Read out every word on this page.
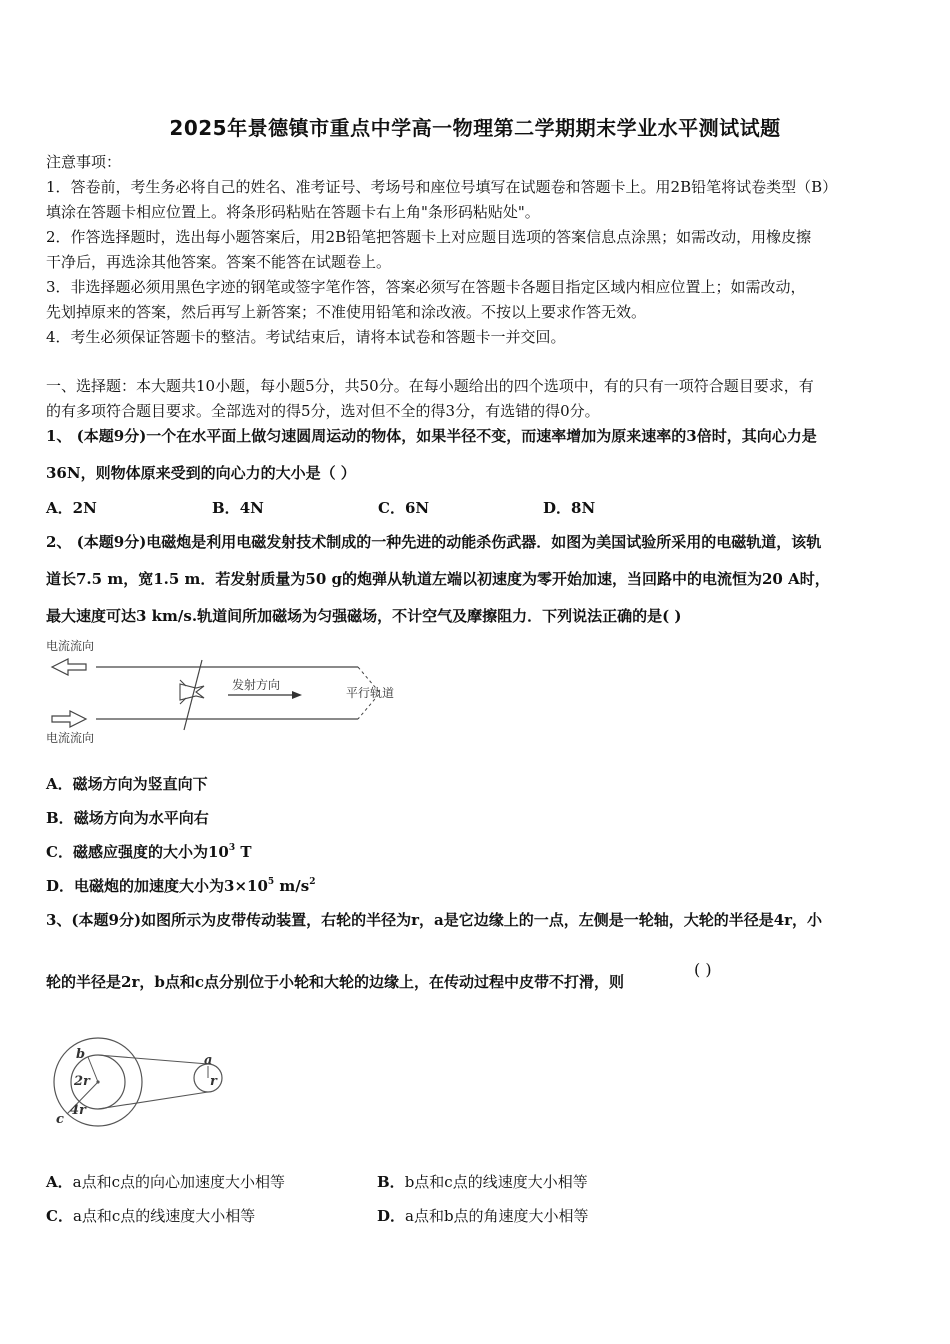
2025年景德镇市重点中学高一物理第二学期期末学业水平测试试题
注意事项：
1．答卷前，考生务必将自己的姓名、准考证号、考场号和座位号填写在试题卷和答题卡上。用2B铅笔将试卷类型（B）
填涂在答题卡相应位置上。将条形码粘贴在答题卡右上角"条形码粘贴处"。
2．作答选择题时，选出每小题答案后，用2B铅笔把答题卡上对应题目选项的答案信息点涂黑；如需改动，用橡皮擦
干净后，再选涂其他答案。答案不能答在试题卷上。
3．非选择题必须用黑色字迹的钢笔或签字笔作答，答案必须写在答题卡各题目指定区域内相应位置上；如需改动，
先划掉原来的答案，然后再写上新答案；不准使用铅笔和涂改液。不按以上要求作答无效。
4．考生必须保证答题卡的整洁。考试结束后，请将本试卷和答题卡一并交回。
一、选择题：本大题共10小题，每小题5分，共50分。在每小题给出的四个选项中，有的只有一项符合题目要求，有
的有多项符合题目要求。全部选对的得5分，选对但不全的得3分，有选错的得0分。
1、 (本题9分)一个在水平面上做匀速圆周运动的物体，如果半径不变，而速率增加为原来速率的3倍时，其向心力是
36N，则物体原来受到的向心力的大小是（ ）
A．2N	B．4N	C．6N	D．8N
2、 (本题9分)电磁炮是利用电磁发射技术制成的一种先进的动能杀伤武器．如图为美国试验所采用的电磁轨道，该轨
道长7.5 m，宽1.5 m．若发射质量为50 g的炮弹从轨道左端以初速度为零开始加速，当回路中的电流恒为20 A时，
最大速度可达3 km/s.轨道间所加磁场为匀强磁场，不计空气及摩擦阻力．下列说法正确的是( )
电流流向
发射方向
平行轨道
电流流向
A．磁场方向为竖直向下
B．磁场方向为水平向右
C．磁感应强度的大小为$10^3$ T
D．电磁炮的加速度大小为$3\times 10^5$ $m/s^2$
3、(本题9分)如图所示为皮带传动装置，右轮的半径为r，a是它边缘上的一点，左侧是一轮轴，大轮的半径是4r，小
轮的半径是2r，b点和c点分别位于小轮和大轮的边缘上，在传动过程中皮带不打滑，则
( )
b
2r
4r
c
a
r
A．a点和c点的向心加速度大小相等	B．b点和c点的线速度大小相等
C．a点和c点的线速度大小相等	D．a点和b点的角速度大小相等
